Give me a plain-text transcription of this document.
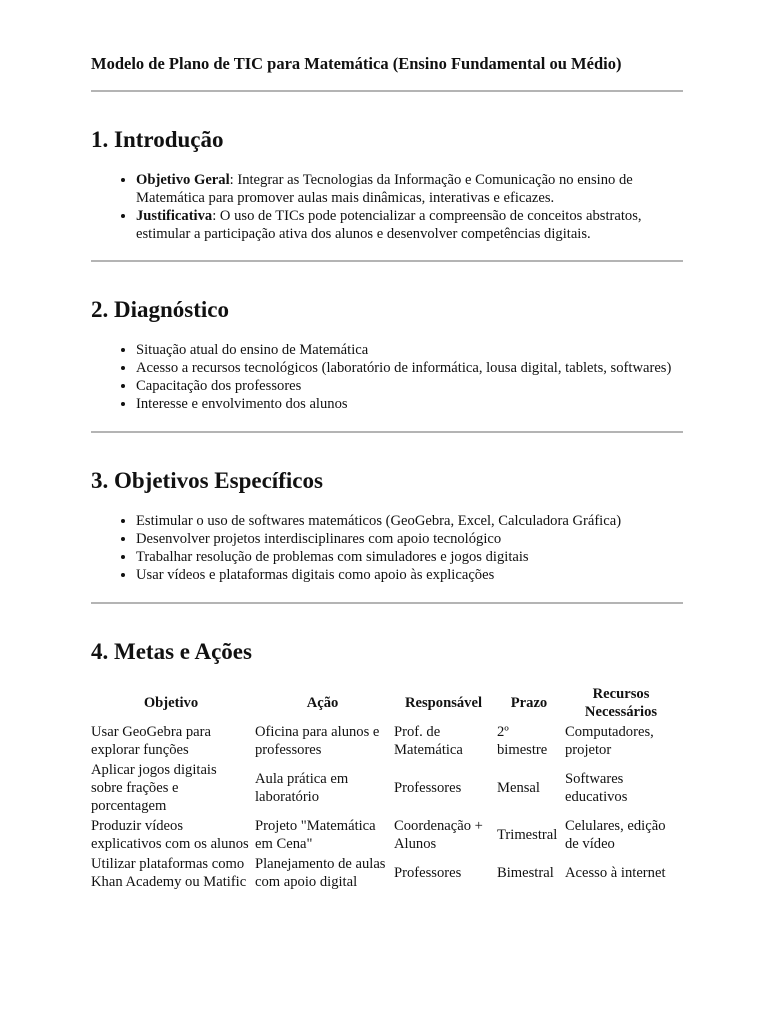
Modelo de Plano de TIC para Matemática (Ensino Fundamental ou Médio)

1. Introdução
• Objetivo Geral: Integrar as Tecnologias da Informação e Comunicação no ensino de Matemática para promover aulas mais dinâmicas, interativas e eficazes.
• Justificativa: O uso de TICs pode potencializar a compreensão de conceitos abstratos, estimular a participação ativa dos alunos e desenvolver competências digitais.
2. Diagnóstico
• Situação atual do ensino de Matemática
• Acesso a recursos tecnológicos (laboratório de informática, lousa digital, tablets, softwares)
• Capacitação dos professores
• Interesse e envolvimento dos alunos
3. Objetivos Específicos
• Estimular o uso de softwares matemáticos (GeoGebra, Excel, Calculadora Gráfica)
• Desenvolver projetos interdisciplinares com apoio tecnológico
• Trabalhar resolução de problemas com simuladores e jogos digitais
• Usar vídeos e plataformas digitais como apoio às explicações
4. Metas e Ações
Objetivo	Ação	Responsável	Prazo	Recursos Necessários
Usar GeoGebra para explorar funções	Oficina para alunos e professores	Prof. de Matemática	2º bimestre	Computadores, projetor
Aplicar jogos digitais sobre frações e porcentagem	Aula prática em laboratório	Professores	Mensal	Softwares educativos
Produzir vídeos explicativos com os alunos	Projeto "Matemática em Cena"	Coordenação + Alunos	Trimestral	Celulares, edição de vídeo
Utilizar plataformas como Khan Academy ou Matific	Planejamento de aulas com apoio digital	Professores	Bimestral	Acesso à internet
